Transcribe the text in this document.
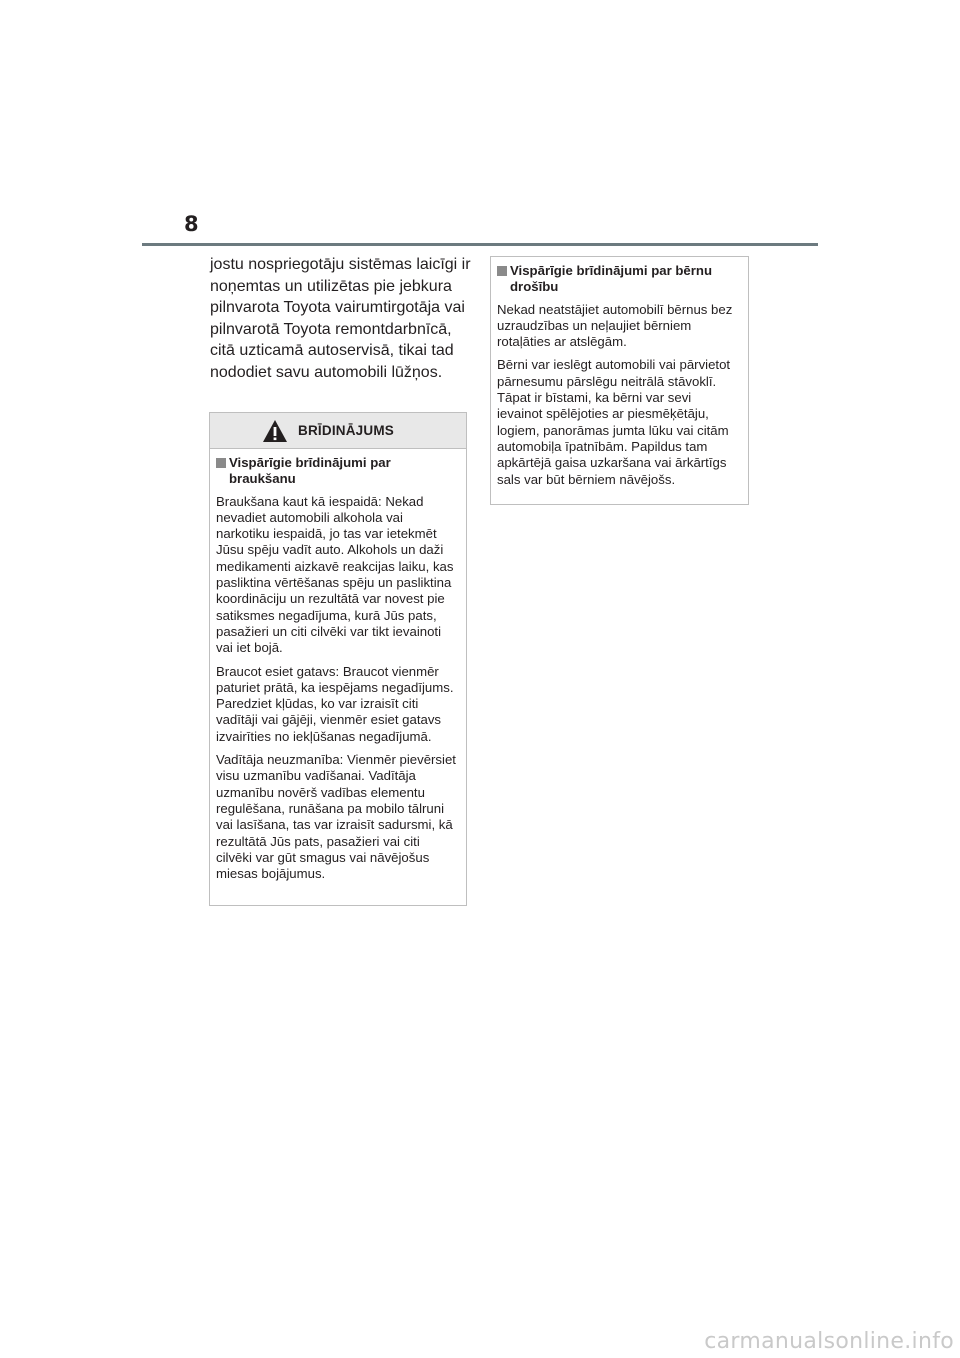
8
jostu nospriegotāju sistēmas laicīgi ir noņemtas un utilizētas pie jebkura pilnvarota Toyota vairumtirgotāja vai pilnvarotā Toyota remontdarbnīcā, citā uzticamā autoservisā, tikai tad nododiet savu automobili lūžņos.
BRĪDINĀJUMS
Vispārīgie brīdinājumi par braukšanu

Braukšana kaut kā iespaidā: Nekad nevadiet automobili alkohola vai narkotiku iespaidā, jo tas var ietekmēt Jūsu spēju vadīt auto. Alkohols un daži medikamenti aizkavē reakcijas laiku, kas pasliktina vērtēšanas spēju un pasliktina koordināciju un rezultātā var novest pie satiksmes negadījuma, kurā Jūs pats, pasažieri un citi cilvēki var tikt ievainoti vai iet bojā.

Braucot esiet gatavs: Braucot vienmēr paturiet prātā, ka iespējams negadījums. Paredziet kļūdas, ko var izraisīt citi vadītāji vai gājēji, vienmēr esiet gatavs izvairīties no iekļūšanas negadījumā.

Vadītāja neuzmanība: Vienmēr pievērsiet visu uzmanību vadīšanai. Vadītāja uzmanību novērš vadības elementu regulēšana, runāšana pa mobilo tālruni vai lasīšana, tas var izraisīt sadursmi, kā rezultātā Jūs pats, pasažieri vai citi cilvēki var gūt smagus vai nāvējošus miesas bojājumus.

Vispārīgie brīdinājumi par bērnu drošību

Nekad neatstājiet automobilī bērnus bez uzraudzības un neļaujiet bērniem rotaļāties ar atslēgām.

Bērni var ieslēgt automobili vai pārvietot pārnesumu pārslēgu neitrālā stāvoklī. Tāpat ir bīstami, ka bērni var sevi ievainot spēlējoties ar piesmēķētāju, logiem, panorāmas jumta lūku vai citām automobiļa īpatnībām. Papildus tam apkārtējā gaisa uzkaršana vai ārkārtīgs sals var būt bērniem nāvējošs.

carmanualsonline.info
